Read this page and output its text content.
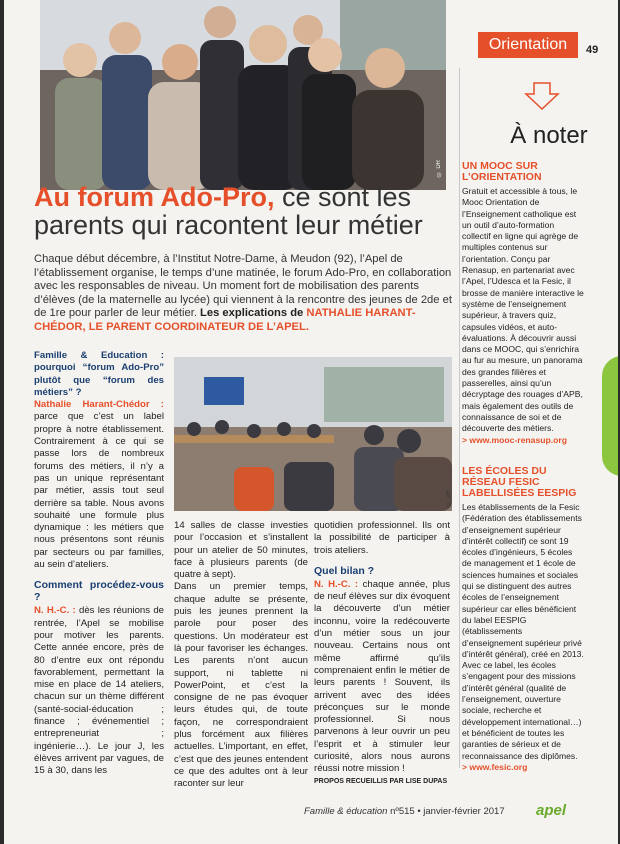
© DR
Orientation	49
À noter
UN MOOC SUR L’ORIENTATION
Gratuit et accessible à tous, le Mooc Orientation de l’Enseignement catholique est un outil d’auto-formation collectif en ligne qui agrège de multiples contenus sur l’orientation. Conçu par Renasup, en partenariat avec l’Apel, l’Udesca et la Fesic, il brosse de manière interactive le système de l’enseignement supérieur, à travers quiz, capsules vidéos, et auto-évaluations. À découvrir aussi dans ce MOOC, qui s’enrichira au fur au mesure, un panorama des grandes filières et passerelles, ainsi qu’un décryptage des rouages d’APB, mais également des outils de connaissance de soi et de découverte des métiers.
> www.mooc-renasup.org
LES ÉCOLES DU RÉSEAU FESIC LABELLISÉES EESPIG
Les établissements de la Fesic (Fédération des établissements d’enseignement supérieur d’intérêt collectif) ce sont 19 écoles d’ingénieurs, 5 écoles de management et 1 école de sciences humaines et sociales qui se distinguent des autres écoles de l’enseignement supérieur car elles bénéficient du label EESPIG (établissements d’enseignement supérieur privé d’intérêt général), créé en 2013. Avec ce label, les écoles s’engagent pour des missions d’intérêt général (qualité de l’enseignement, ouverture sociale, recherche et développement international…) et bénéficient de toutes les garanties de sérieux et de reconnaissance des diplômes.
> www.fesic.org
Au forum Ado-Pro, ce sont les parents qui racontent leur métier
Chaque début décembre, à l’Institut Notre-Dame, à Meudon (92), l’Apel de l’établissement organise, le temps d’une matinée, le forum Ado-Pro, en collaboration avec les responsables de niveau. Un moment fort de mobilisation des parents d’élèves (de la maternelle au lycée) qui viennent à la rencontre des jeunes de 2de et de 1re pour parler de leur métier. Les explications de NATHALIE HARANT-CHÉDOR, LE PARENT COORDINATEUR DE L’APEL.

Famille & Education : pourquoi “forum Ado-Pro” plutôt que “forum des métiers” ?

Nathalie Harant-Chédor : parce que c’est un label propre à notre établissement. Contrairement à ce qui se passe lors de nombreux forums des métiers, il n’y a pas un unique représentant par métier, assis tout seul derrière sa table. Nous avons souhaité une formule plus dynamique : les métiers que nous présentons sont réunis par secteurs ou par familles, au sein d’ateliers.

Comment procédez-vous ?

N. H.-C. : dès les réunions de rentrée, l’Apel se mobilise pour motiver les parents. Cette année encore, près de 80 d’entre eux ont répondu favorablement, permettant la mise en place de 14 ateliers, chacun sur un thème différent (santé-social-éducation ; finance ; événementiel ; entrepreneuriat ; ingénierie…). Le jour J, les élèves arrivent par vagues, de 15 à 30, dans les

© DR

14 salles de classe investies pour l’occasion et s’installent pour un atelier de 50 minutes, face à plusieurs parents (de quatre à sept).

Dans un premier temps, chaque adulte se présente, puis les jeunes prennent la parole pour poser des questions. Un modérateur est là pour favoriser les échanges. Les parents n’ont aucun support, ni tablette ni PowerPoint, et c’est la consigne de ne pas évoquer leurs études qui, de toute façon, ne correspondraient plus forcément aux filières actuelles. L’important, en effet, c’est que des jeunes entendent ce que des adultes ont à leur raconter sur leur

quotidien professionnel. Ils ont la possibilité de participer à trois ateliers.

Quel bilan ?

N. H.-C. : chaque année, plus de neuf élèves sur dix évoquent la découverte d’un métier inconnu, voire la redécouverte d’un métier sous un jour nouveau. Certains nous ont même affirmé qu’ils comprenaient enfin le métier de leurs parents ! Souvent, ils arrivent avec des idées préconçues sur le monde professionnel. Si nous parvenons à leur ouvrir un peu l’esprit et à stimuler leur curiosité, alors nous aurons réussi notre mission !

PROPOS RECUEILLIS PAR LISE DUPAS

Famille & éducation nº515 • janvier-février 2017 apel
